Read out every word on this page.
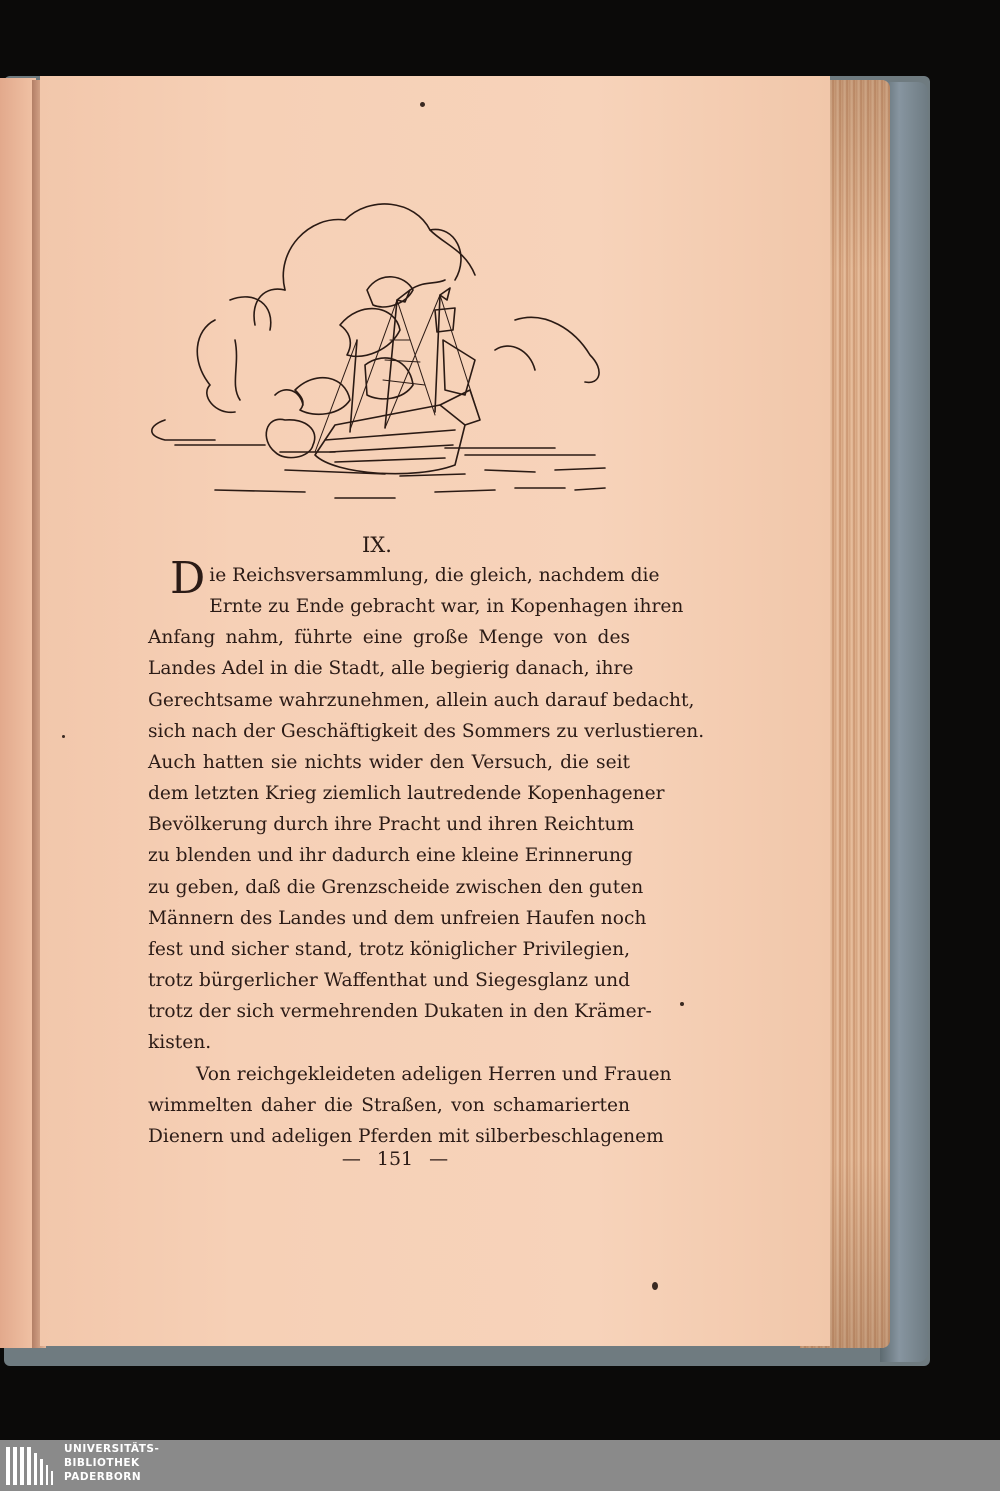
IX.

D ie Reichsversammlung, die gleich, nachdem die
Ernte zu Ende gebracht war, in Kopenhagen ihren
Anfang nahm, führte eine große Menge von des
Landes Adel in die Stadt, alle begierig danach, ihre
Gerechtsame wahrzunehmen, allein auch darauf bedacht,
sich nach der Geschäftigkeit des Sommers zu verlustieren.
Auch hatten sie nichts wider den Versuch, die seit
dem letzten Krieg ziemlich lautredende Kopenhagener
Bevölkerung durch ihre Pracht und ihren Reichtum
zu blenden und ihr dadurch eine kleine Erinnerung
zu geben, daß die Grenzscheide zwischen den guten
Männern des Landes und dem unfreien Haufen noch
fest und sicher stand, trotz königlicher Privilegien,
trotz bürgerlicher Waffenthat und Siegesglanz und
trotz der sich vermehrenden Dukaten in den Krämer-
kisten.

Von reichgekleideten adeligen Herren und Frauen
wimmelten daher die Straßen, von schamarierten
Dienern und adeligen Pferden mit silberbeschlagenem

— 151 —
UNIVERSITÄTS-
BIBLIOTHEK
PADERBORN
